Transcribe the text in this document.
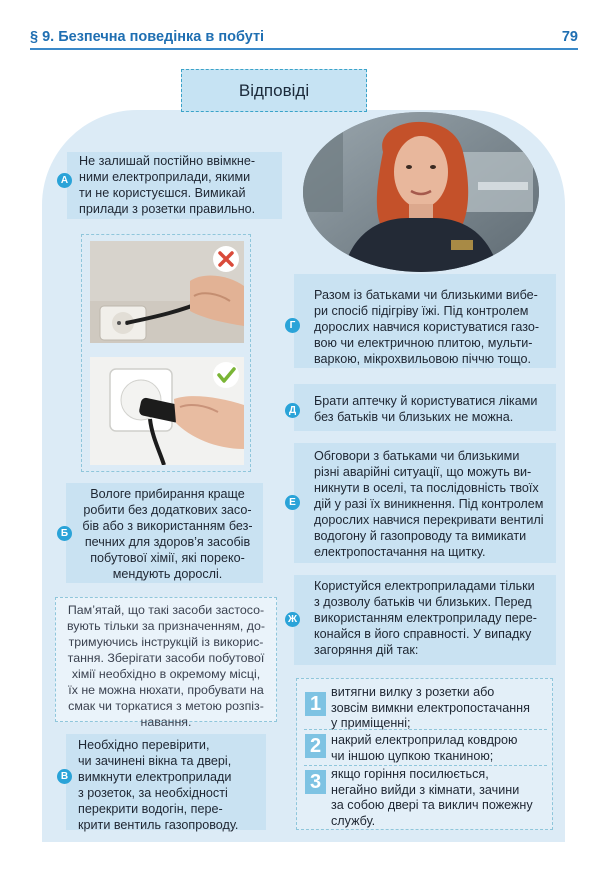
§ 9. Безпечна поведінка в побуті	79
Відповіді
Не залишай постійно ввімкне-
ними електроприлади, якими
ти не користуєшся. Вимикай
прилади з розетки правильно.
А
Вологе прибирання краще
робити без додаткових засо-
бів або з використанням без-
печних для здоров’я засобів
побутової хімії, які пореко-
мендують дорослі.
Б
Пам’ятай, що такі засоби застосо-
вують тільки за призначенням, до-
тримуючись інструкцій із викорис-
тання. Зберігати засоби побутової
хімії необхідно в окремому місці,
їх не можна нюхати, пробувати на
смак чи торкатися з метою розпіз-
навання.
Необхідно перевірити,
чи зачинені вікна та двері,
вимкнути електроприлади
з розеток, за необхідності
перекрити водогін, пере-
крити вентиль газопроводу.
В
Разом із батьками чи близькими вибе-
ри спосіб підігріву їжі. Під контролем
дорослих навчися користуватися газо-
вою чи електричною плитою, мульти-
варкою, мікрохвильовою піччю тощо.
Г
Брати аптечку й користуватися ліками
без батьків чи близьких не можна.
Д
Обговори з батьками чи близькими
різні аварійні ситуації, що можуть ви-
никнути в оселі, та послідовність твоїх
дій у разі їх виникнення. Під контролем
дорослих навчися перекривати вентилі
водогону й газопроводу та вимикати
електропостачання на щитку.
Е
Користуйся електроприладами тільки
з дозволу батьків чи близьких. Перед
використанням електроприладу пере-
конайся в його справності. У випадку
загоряння дій так:
Ж
1
витягни вилку з розетки або
зовсім вимкни електропостачання
у приміщенні;
2 накрий електроприлад ковдрою
чи іншою цупкою тканиною;
3 якщо горіння посилюється,
негайно вийди з кімнати, зачини
за собою двері та виклич пожежну
службу.
